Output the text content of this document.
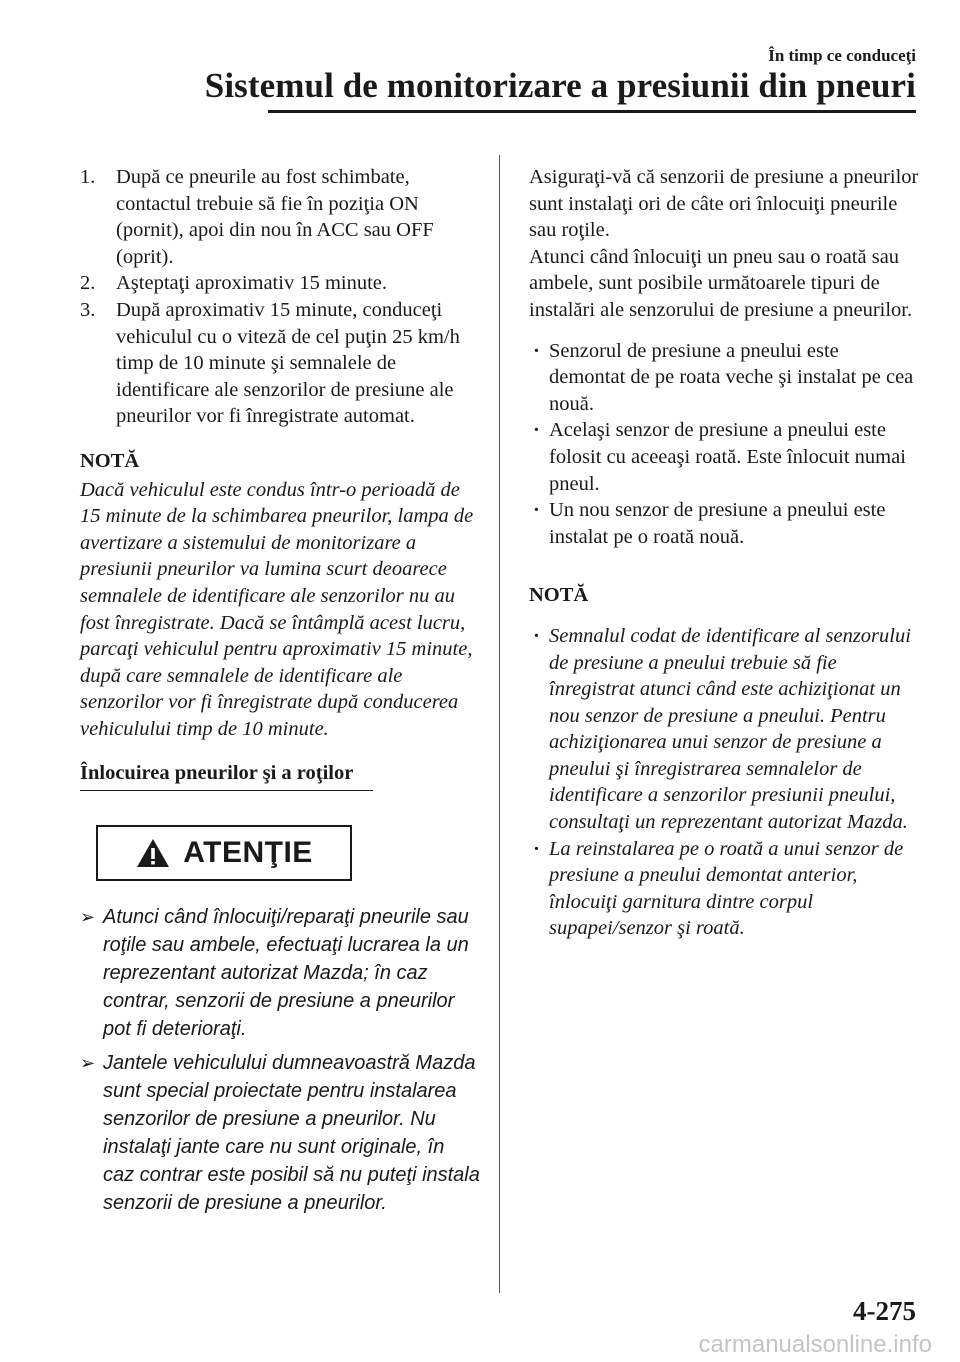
În timp ce conduceţi
Sistemul de monitorizare a presiunii din pneuri

1. După ce pneurile au fost schimbate, contactul trebuie să fie în poziţia ON (pornit), apoi din nou în ACC sau OFF (oprit).

2. Aşteptaţi aproximativ 15 minute.

3. După aproximativ 15 minute, conduceţi vehiculul cu o viteză de cel puţin 25 km/h timp de 10 minute şi semnalele de identificare ale senzorilor de presiune ale pneurilor vor fi înregistrate automat.

NOTĂ

Dacă vehiculul este condus într-o perioadă de 15 minute de la schimbarea pneurilor, lampa de avertizare a sistemului de monitorizare a presiunii pneurilor va lumina scurt deoarece semnalele de identificare ale senzorilor nu au fost înregistrate. Dacă se întâmplă acest lucru, parcaţi vehiculul pentru aproximativ 15 minute, după care semnalele de identificare ale senzorilor vor fi înregistrate după conducerea vehiculului timp de 10 minute.

Înlocuirea pneurilor şi a roţilor
ATENŢIE
➢ Atunci când înlocuiţi/reparaţi pneurile sau roţile sau ambele, efectuaţi lucrarea la un reprezentant autorizat Mazda; în caz contrar, senzorii de presiune a pneurilor pot fi deterioraţi.
➢ Jantele vehiculului dumneavoastră Mazda sunt special proiectate pentru instalarea senzorilor de presiune a pneurilor. Nu instalaţi jante care nu sunt originale, în caz contrar este posibil să nu puteţi instala senzorii de presiune a pneurilor.

Asiguraţi-vă că senzorii de presiune a pneurilor sunt instalaţi ori de câte ori înlocuiţi pneurile sau roţile.

Atunci când înlocuiţi un pneu sau o roată sau ambele, sunt posibile următoarele tipuri de instalări ale senzorului de presiune a pneurilor.

· Senzorul de presiune a pneului este demontat de pe roata veche şi instalat pe cea nouă.
· Acelaşi senzor de presiune a pneului este folosit cu aceeaşi roată. Este înlocuit numai pneul.
· Un nou senzor de presiune a pneului este instalat pe o roată nouă.
NOTĂ
· Semnalul codat de identificare al senzorului de presiune a pneului trebuie să fie înregistrat atunci când este achiziţionat un nou senzor de presiune a pneului. Pentru achiziţionarea unui senzor de presiune a pneului şi înregistrarea semnalelor de identificare a senzorilor presiunii pneului, consultaţi un reprezentant autorizat Mazda.
· La reinstalarea pe o roată a unui senzor de presiune a pneului demontat anterior, înlocuiţi garnitura dintre corpul supapei/senzor şi roată.
4-275
carmanualsonline.info
